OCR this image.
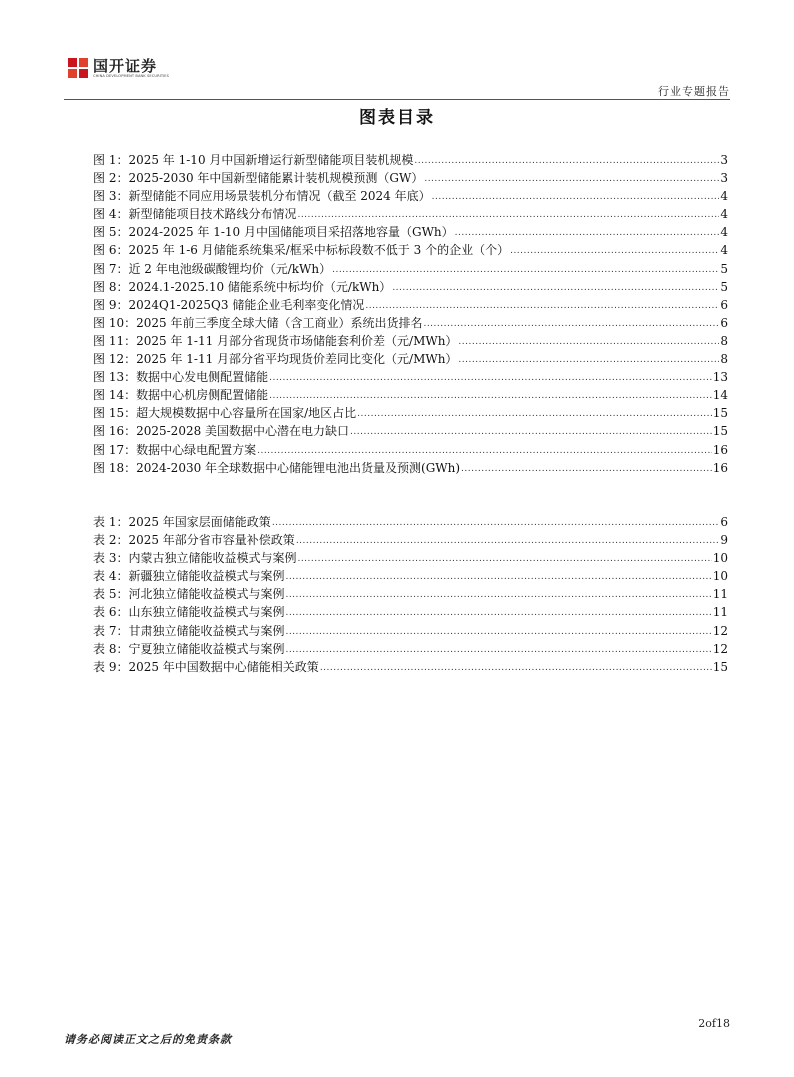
国开证券
CHINA DEVELOPMENT BANK SECURITIES
行业专题报告
图表目录
图 1：2025 年 1-10 月中国新增运行新型储能项目装机规模 .....	3
图 2：2025-2030 年中国新型储能累计装机规模预测（GW） .....	3
图 3：新型储能不同应用场景装机分布情况（截至 2024 年底） .....	4
图 4：新型储能项目技术路线分布情况 .....	4
图 5：2024-2025 年 1-10 月中国储能项目采招落地容量（GWh） .....	4
图 6：2025 年 1-6 月储能系统集采/框采中标标段数不低于 3 个的企业（个） .....	4
图 7：近 2 年电池级碳酸锂均价（元/kWh） .....	5
图 8：2024.1-2025.10 储能系统中标均价（元/kWh） .....	5
图 9：2024Q1-2025Q3 储能企业毛利率变化情况 .....	6
图 10：2025 年前三季度全球大储（含工商业）系统出货排名 .....	6
图 11：2025 年 1-11 月部分省现货市场储能套利价差（元/MWh） .....	8
图 12：2025 年 1-11 月部分省平均现货价差同比变化（元/MWh） .....	8
图 13：数据中心发电侧配置储能 .....	13
图 14：数据中心机房侧配置储能 .....	14
图 15：超大规模数据中心容量所在国家/地区占比 .....	15
图 16：2025-2028 美国数据中心潜在电力缺口 .....	15
图 17：数据中心绿电配置方案 .....	16
图 18：2024-2030 年全球数据中心储能锂电池出货量及预测(GWh) .....	16
表 1：2025 年国家层面储能政策 .....	6
表 2：2025 年部分省市容量补偿政策 .....	9
表 3：内蒙古独立储能收益模式与案例 .....	10
表 4：新疆独立储能收益模式与案例 .....	10
表 5：河北独立储能收益模式与案例 .....	11
表 6：山东独立储能收益模式与案例 .....	11
表 7：甘肃独立储能收益模式与案例 .....	12
表 8：宁夏独立储能收益模式与案例 .....	12
表 9：2025 年中国数据中心储能相关政策 .....	15
请务必阅读正文之后的免责条款
2of18
